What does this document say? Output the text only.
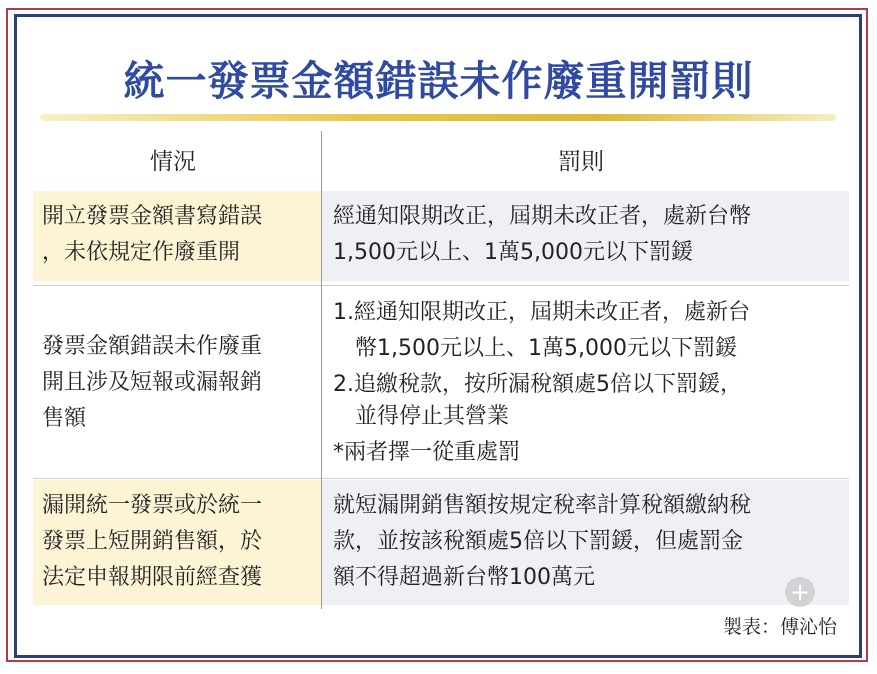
統一發票金額錯誤未作廢重開罰則
情況	罰則
開立發票金額書寫錯誤
，未依規定作廢重開
經通知限期改正，屆期未改正者，處新台幣
1,500元以上、1萬5,000元以下罰鍰
發票金額錯誤未作廢重
開且涉及短報或漏報銷
售額
1.經通知限期改正，屆期未改正者，處新台
　幣1,500元以上、1萬5,000元以下罰鍰
2.追繳稅款，按所漏稅額處5倍以下罰鍰，
　並得停止其營業
*兩者擇一從重處罰
漏開統一發票或於統一
發票上短開銷售額，於
法定申報期限前經查獲
就短漏開銷售額按規定稅率計算稅額繳納稅
款，並按該稅額處5倍以下罰鍰，但處罰金
額不得超過新台幣100萬元
+
製表：傅沁怡
